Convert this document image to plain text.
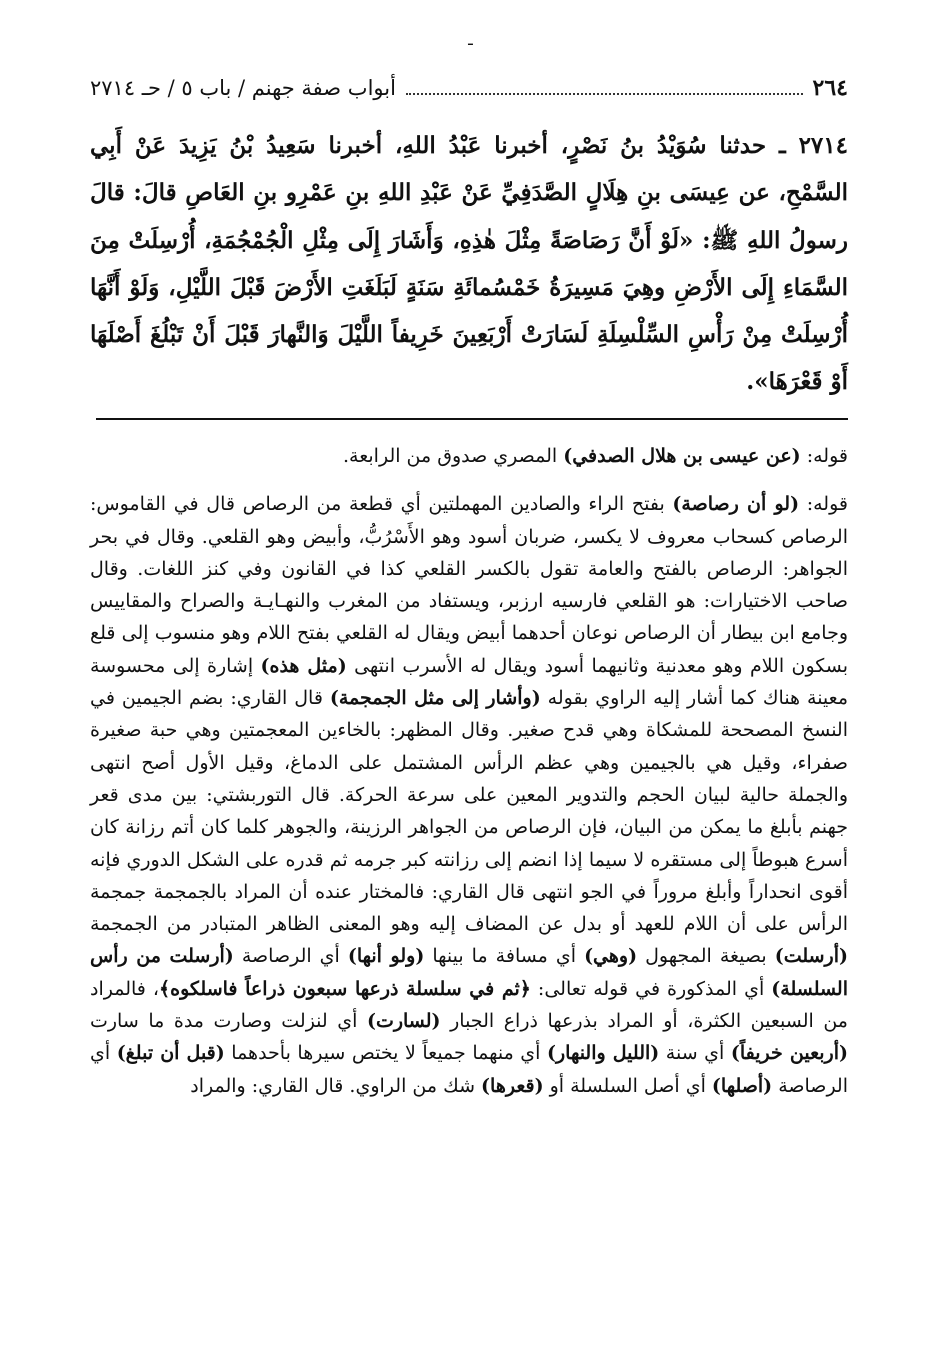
ـ
٢٦٤
أبواب صفة جهنم / باب ٥ / حـ ٢٧١٤
٢٧١٤ ـ حدثنا سُوَيْدُ بنُ نَصْرٍ، أخبرنا عَبْدُ اللهِ، أخبرنا سَعِيدُ بْنُ يَزِيدَ عَنْ أَبِي السَّمْحِ، عن عِيسَى بنِ هِلَالٍ الصَّدَفِيِّ عَنْ عَبْدِ اللهِ بنِ عَمْرِو بنِ العَاصِ قالَ: قالَ رسولُ اللهِ ﷺ: «لَوْ أَنَّ رَصَاصَةً مِثْلَ هٰذِهِ، وَأَشَارَ إِلَى مِثْلِ الْجُمْجُمَةِ، أُرْسِلَتْ مِنَ السَّمَاءِ إِلَى الأَرْضِ وهِيَ مَسِيرَةُ خَمْسُمائَةِ سَنَةٍ لَبَلَغَتِ الأَرْضَ قَبْلَ اللَّيْلِ، وَلَوْ أَنَّهَا أُرْسِلَتْ مِنْ رَأْسِ السِّلْسِلَةِ لَسَارَتْ أَرْبَعِينَ خَرِيفاً اللَّيْلَ وَالنَّهارَ قَبْلَ أَنْ تَبْلُغَ أَصْلَهَا أَوْ قَعْرَهَا».

قوله: (عن عيسى بن هلال الصدفي) المصري صدوق من الرابعة.

قوله: (لو أن رصاصة) بفتح الراء والصادين المهملتين أي قطعة من الرصاص قال في القاموس: الرصاص كسحاب معروف لا يكسر، ضربان أسود وهو الأَسْرُبُّ، وأبيض وهو القلعي. وقال في بحر الجواهر: الرصاص بالفتح والعامة تقول بالكسر القلعي كذا في القانون وفي كنز اللغات. وقال صاحب الاختيارات: هو القلعي فارسيه ارزبر، ويستفاد من المغرب والنهـايـة والصراح والمقاييس وجامع ابن بيطار أن الرصاص نوعان أحدهما أبيض ويقال له القلعي بفتح اللام وهو منسوب إلى قلع بسكون اللام وهو معدنية وثانيهما أسود ويقال له الأسرب انتهى (مثل هذه) إشارة إلى محسوسة معينة هناك كما أشار إليه الراوي بقوله (وأشار إلى مثل الجمجمة) قال القاري: بضم الجيمين في النسخ المصححة للمشكاة وهي قدح صغير. وقال المظهر: بالخاءين المعجمتين وهي حبة صغيرة صفراء، وقيل هي بالجيمين وهي عظم الرأس المشتمل على الدماغ، وقيل الأول أصح انتهى والجملة حالية لبيان الحجم والتدوير المعين على سرعة الحركة. قال التوربشتي: بين مدى قعر جهنم بأبلغ ما يمكن من البيان، فإن الرصاص من الجواهر الرزينة، والجوهر كلما كان أتم رزانة كان أسرع هبوطاً إلى مستقره لا سيما إذا انضم إلى رزانته كبر جرمه ثم قدره على الشكل الدوري فإنه أقوى انحداراً وأبلغ مروراً في الجو انتهى قال القاري: فالمختار عنده أن المراد بالجمجمة جمجمة الرأس على أن اللام للعهد أو بدل عن المضاف إليه وهو المعنى الظاهر المتبادر من الجمجمة (أرسلت) بصيغة المجهول (وهي) أي مسافة ما بينها (ولو أنها) أي الرصاصة (أرسلت من رأس السلسلة) أي المذكورة في قوله تعالى: ﴿ثم في سلسلة ذرعها سبعون ذراعاً فاسلكوه﴾، فالمراد من السبعين الكثرة، أو المراد بذرعها ذراع الجبار (لسارت) أي لنزلت وصارت مدة ما سارت (أربعين خريفاً) أي سنة (الليل والنهار) أي منهما جميعاً لا يختص سيرها بأحدهما (قبل أن تبلغ) أي الرصاصة (أصلها) أي أصل السلسلة أو (قعرها) شك من الراوي. قال القاري: والمراد
